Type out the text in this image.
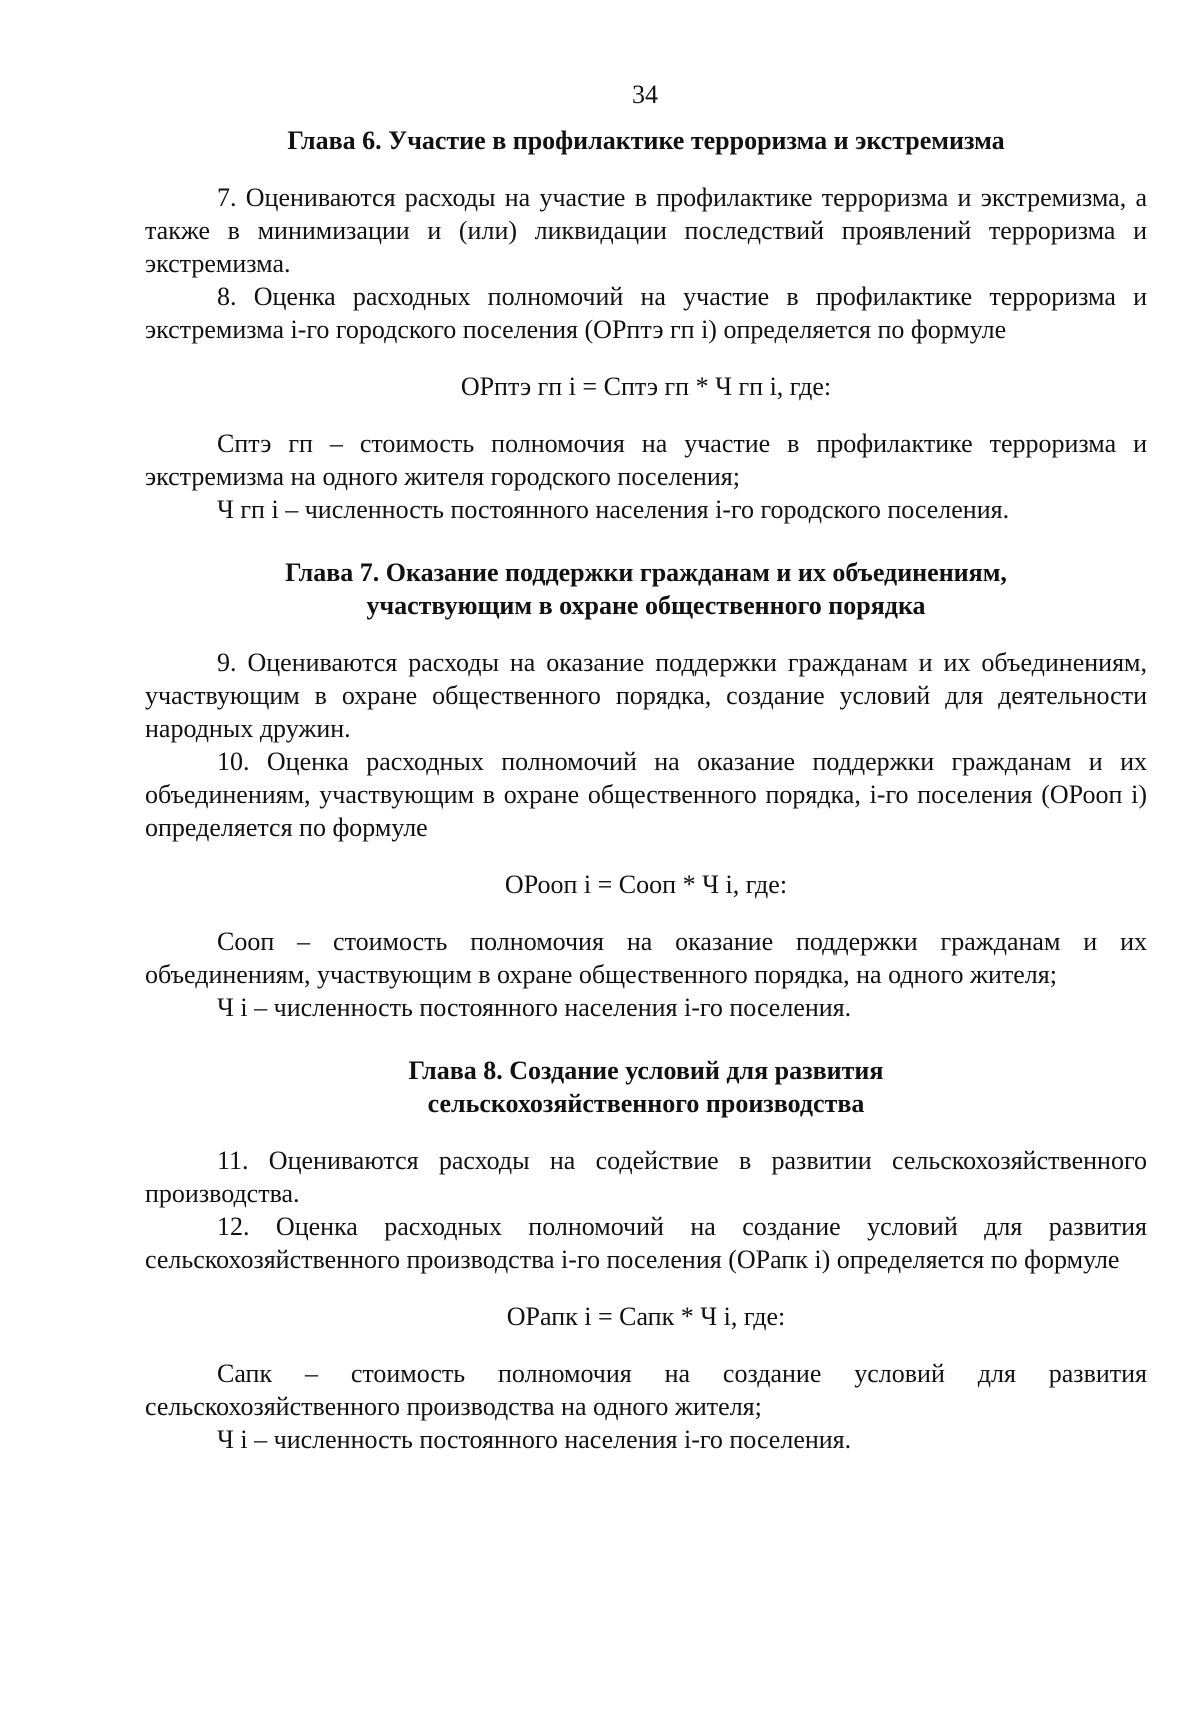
34
Глава 6. Участие в профилактике терроризма и экстремизма

7. Оцениваются расходы на участие в профилактике терроризма и экстремизма, а также в минимизации и (или) ликвидации последствий проявлений терроризма и экстремизма.

8. Оценка расходных полномочий на участие в профилактике терроризма и экстремизма i-го городского поселения (ОРптэ гп i) определяется по формуле

ОРптэ гп i = Сптэ гп * Ч гп i, где:

Сптэ гп – стоимость полномочия на участие в профилактике терроризма и экстремизма на одного жителя городского поселения;

Ч гп i – численность постоянного населения i-го городского поселения.

Глава 7. Оказание поддержки гражданам и их объединениям,
участвующим в охране общественного порядка

9. Оцениваются расходы на оказание поддержки гражданам и их объединениям, участвующим в охране общественного порядка, создание условий для деятельности народных дружин.

10. Оценка расходных полномочий на оказание поддержки гражданам и их объединениям, участвующим в охране общественного порядка, i-го поселения (ОРооп i) определяется по формуле

ОРооп i = Сооп * Ч i, где:

Сооп – стоимость полномочия на оказание поддержки гражданам и их объединениям, участвующим в охране общественного порядка, на одного жителя;

Ч i – численность постоянного населения i-го поселения.

Глава 8. Создание условий для развития
сельскохозяйственного производства

11. Оцениваются расходы на содействие в развитии сельскохозяйственного производства.

12. Оценка расходных полномочий на создание условий для развития сельскохозяйственного производства i-го поселения (ОРапк i) определяется по формуле

ОРапк i = Сапк * Ч i, где:

Сапк – стоимость полномочия на создание условий для развития сельскохозяйственного производства на одного жителя;

Ч i – численность постоянного населения i-го поселения.
